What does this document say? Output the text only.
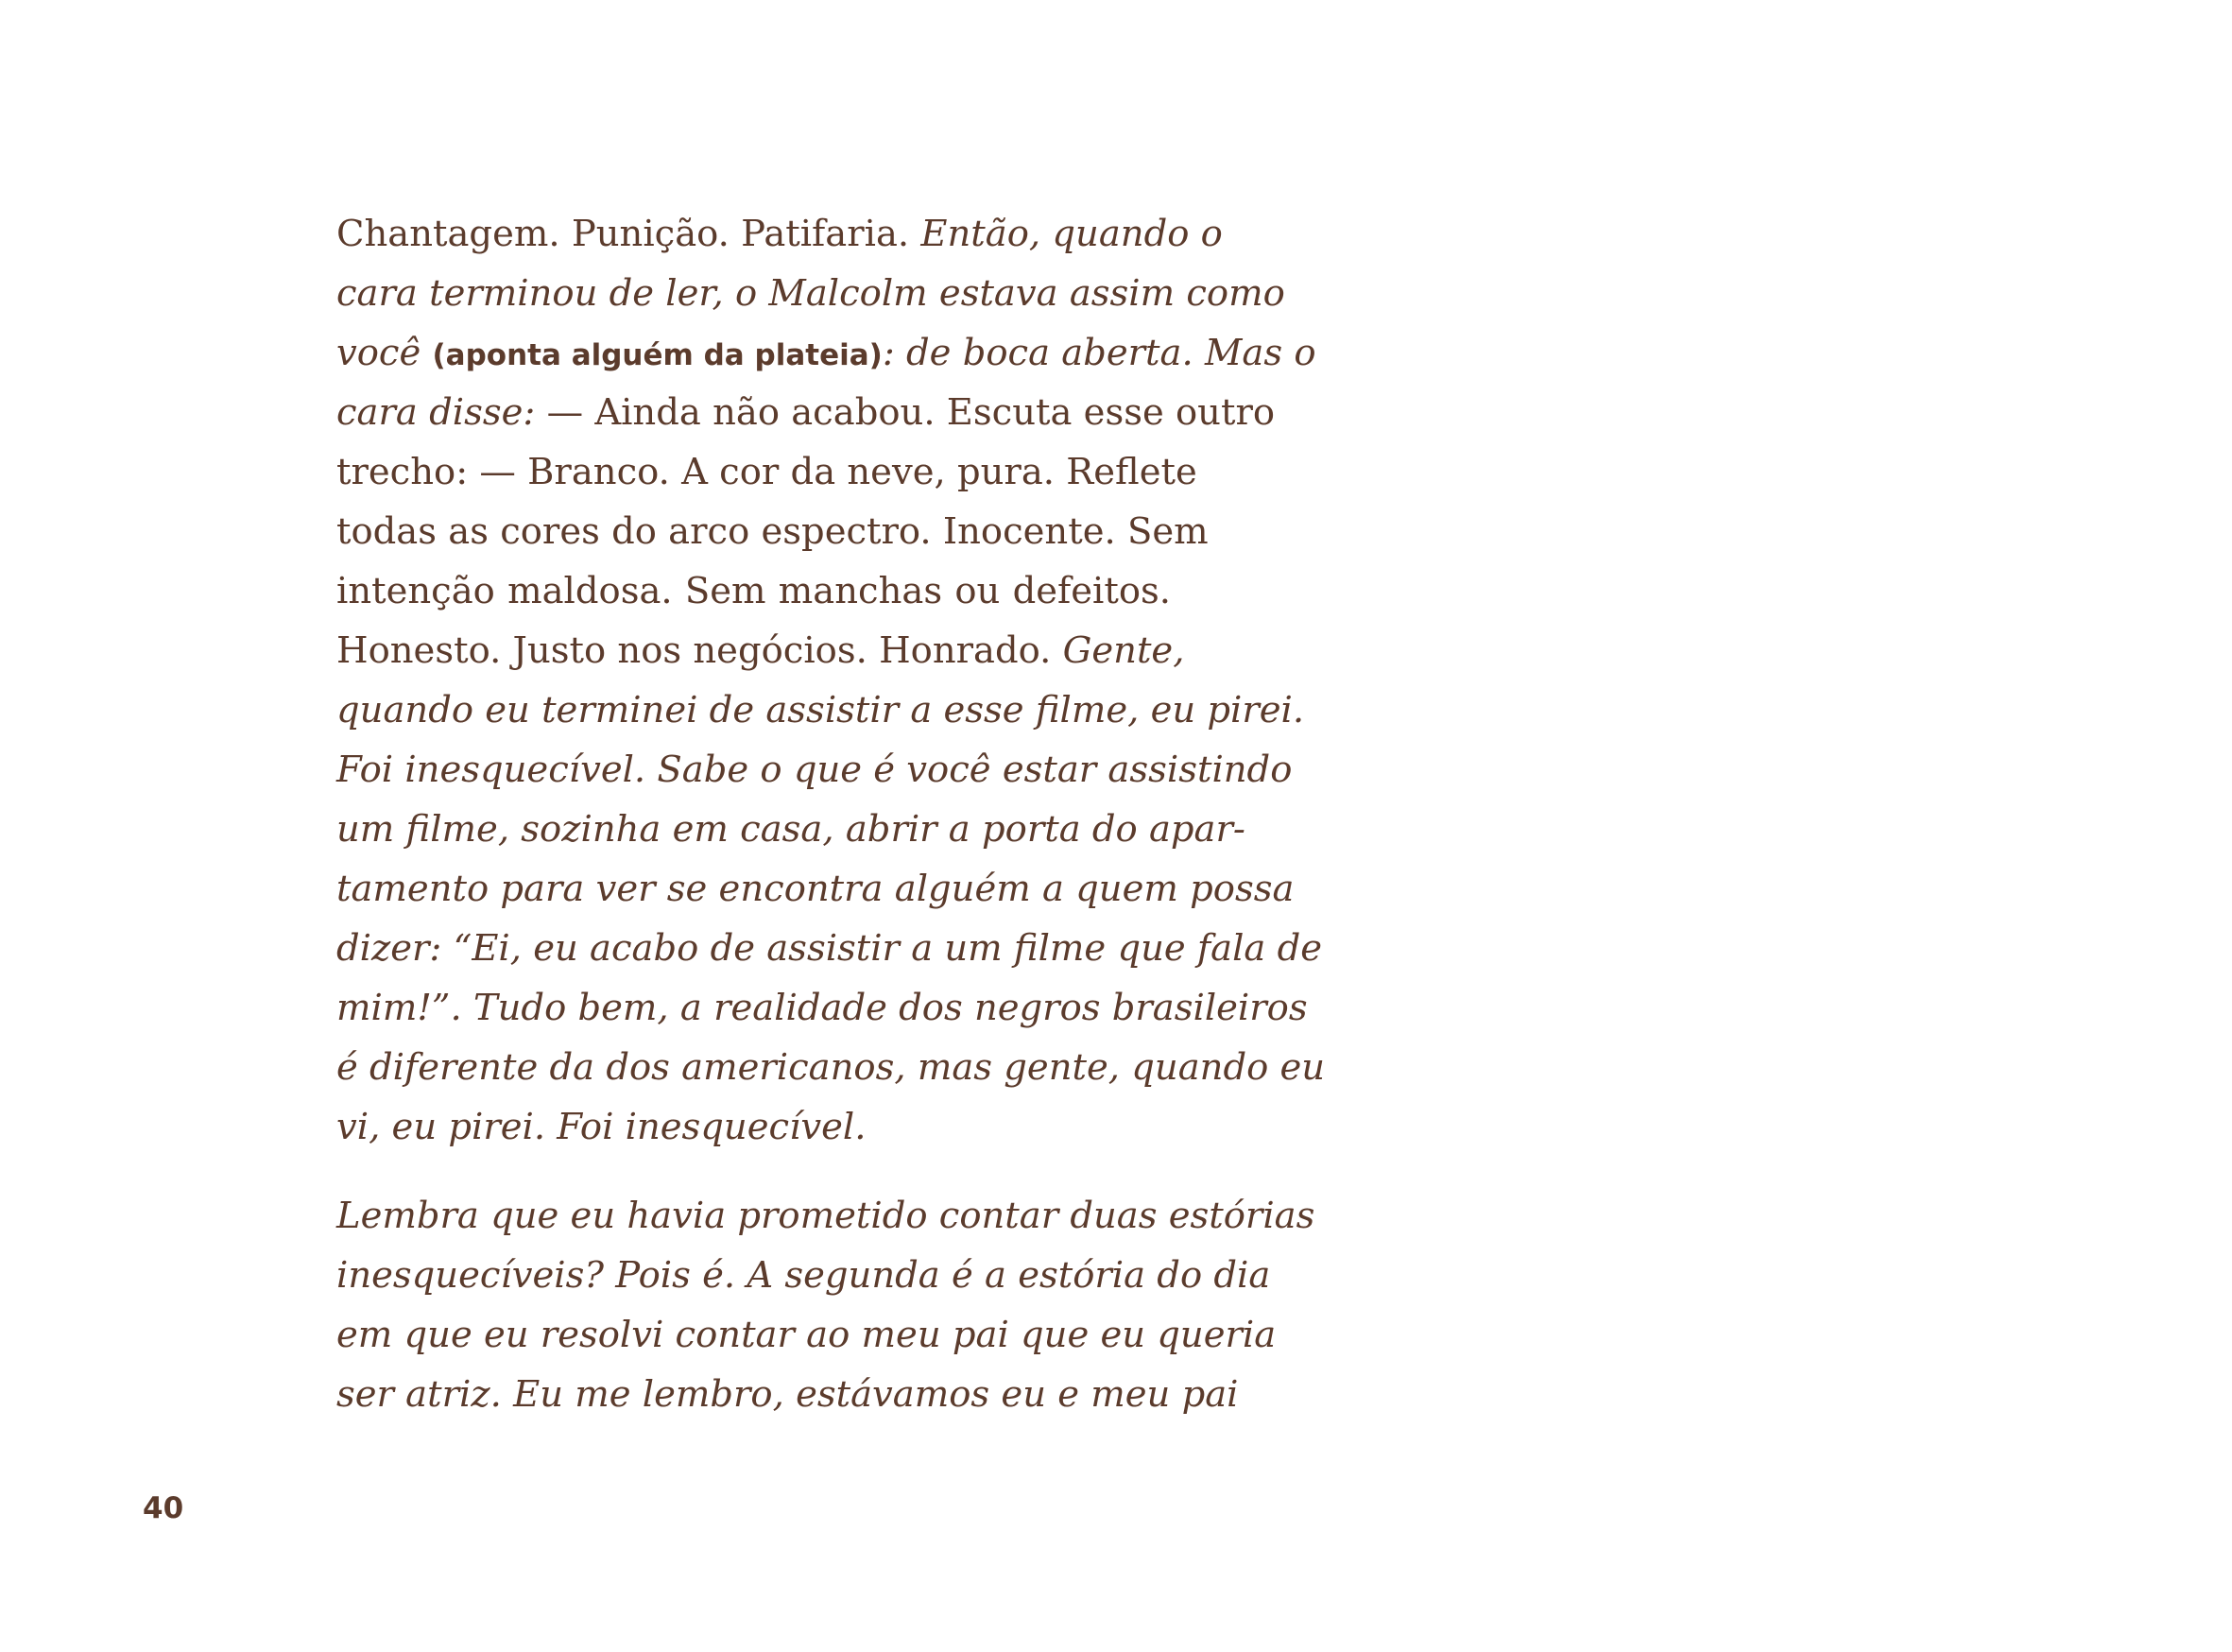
Chantagem. Punição. Patifaria. Então, quando o
cara terminou de ler, o Malcolm estava assim como
você (aponta alguém da plateia): de boca aberta. Mas o
cara disse: — Ainda não acabou. Escuta esse outro
trecho: — Branco. A cor da neve, pura. Reflete
todas as cores do arco espectro. Inocente. Sem
intenção maldosa. Sem manchas ou defeitos.
Honesto. Justo nos negócios. Honrado. Gente,
quando eu terminei de assistir a esse filme, eu pirei.
Foi inesquecível. Sabe o que é você estar assistindo
um filme, sozinha em casa, abrir a porta do apar-
tamento para ver se encontra alguém a quem possa
dizer: “Ei, eu acabo de assistir a um filme que fala de
mim!”. Tudo bem, a realidade dos negros brasileiros
é diferente da dos americanos, mas gente, quando eu
vi, eu pirei. Foi inesquecível.
Lembra que eu havia prometido contar duas estórias
inesquecíveis? Pois é. A segunda é a estória do dia
em que eu resolvi contar ao meu pai que eu queria
ser atriz. Eu me lembro, estávamos eu e meu pai
40
